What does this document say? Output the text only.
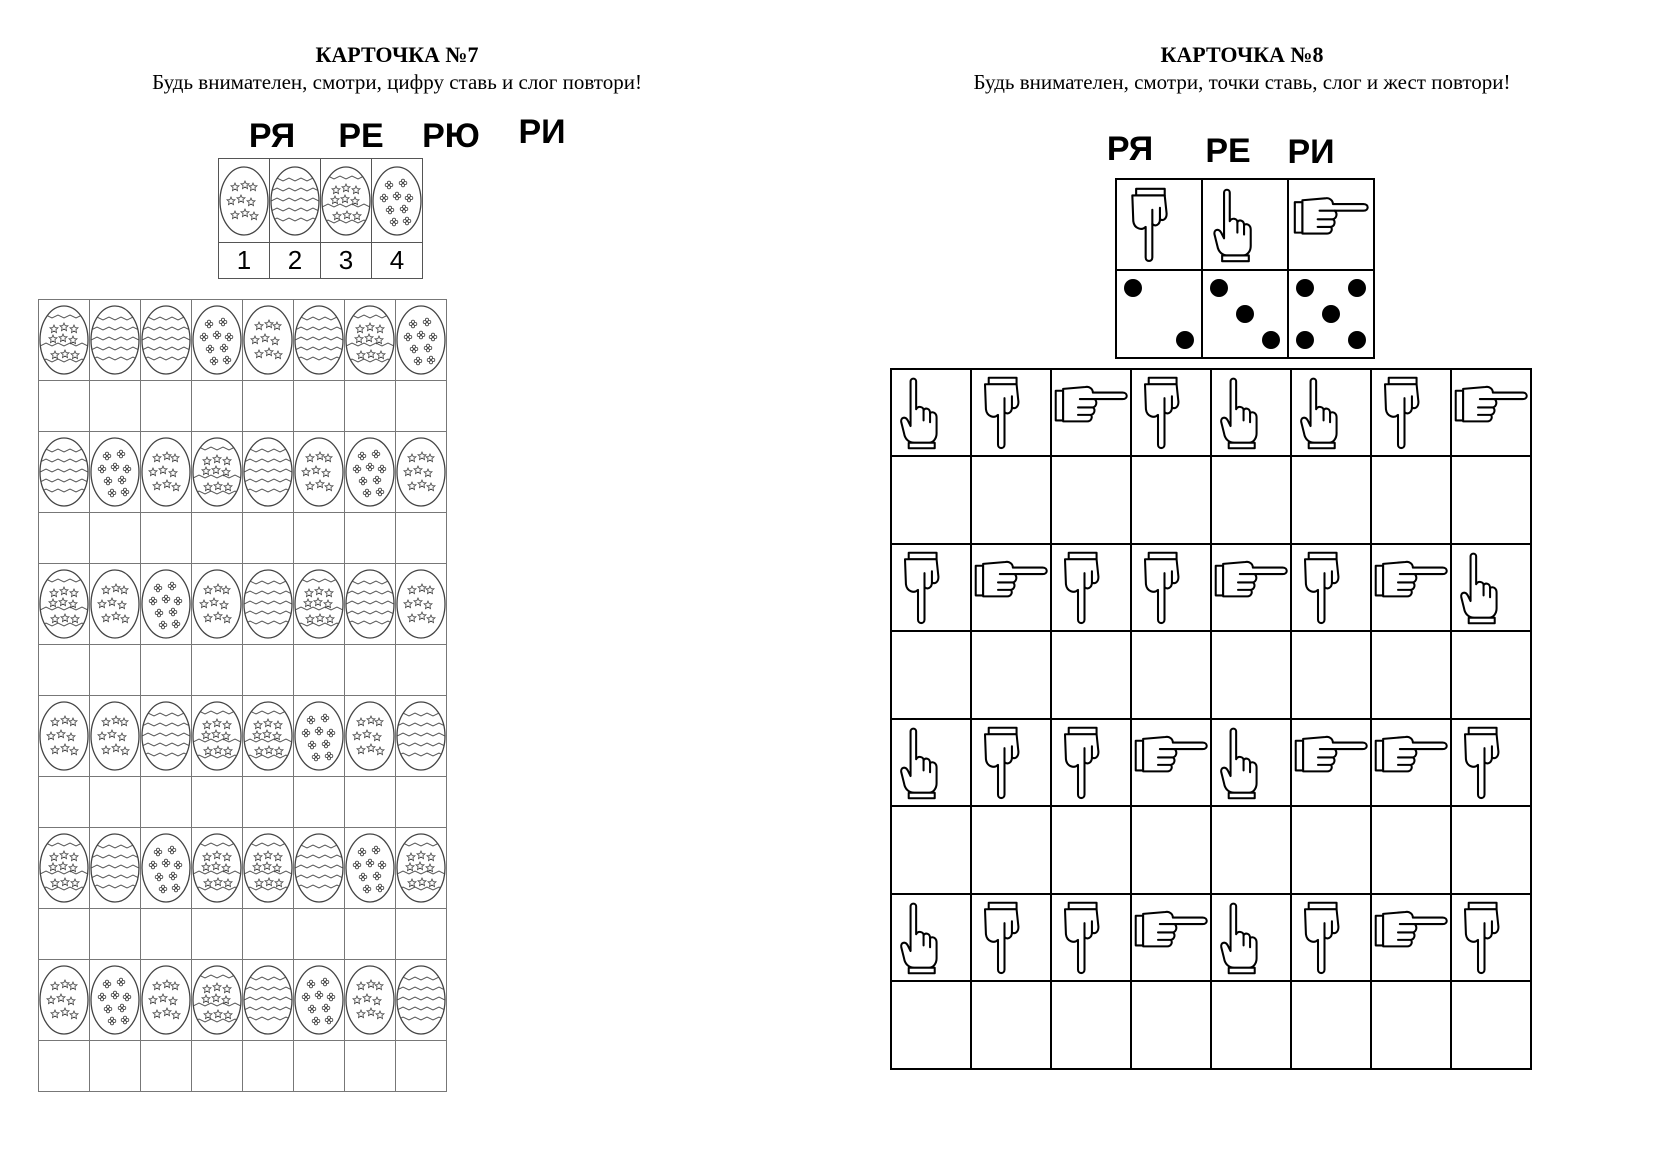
КАРТОЧКА №7
Будь внимателен, смотри, цифру ставь и слог повтори!
РЯ	РЕ	РЮ	РИ

1	2	3	4

КАРТОЧКА №8
Будь внимателен, смотри, точки ставь, слог и жест повтори!
РЯ	РЕ	РИ
